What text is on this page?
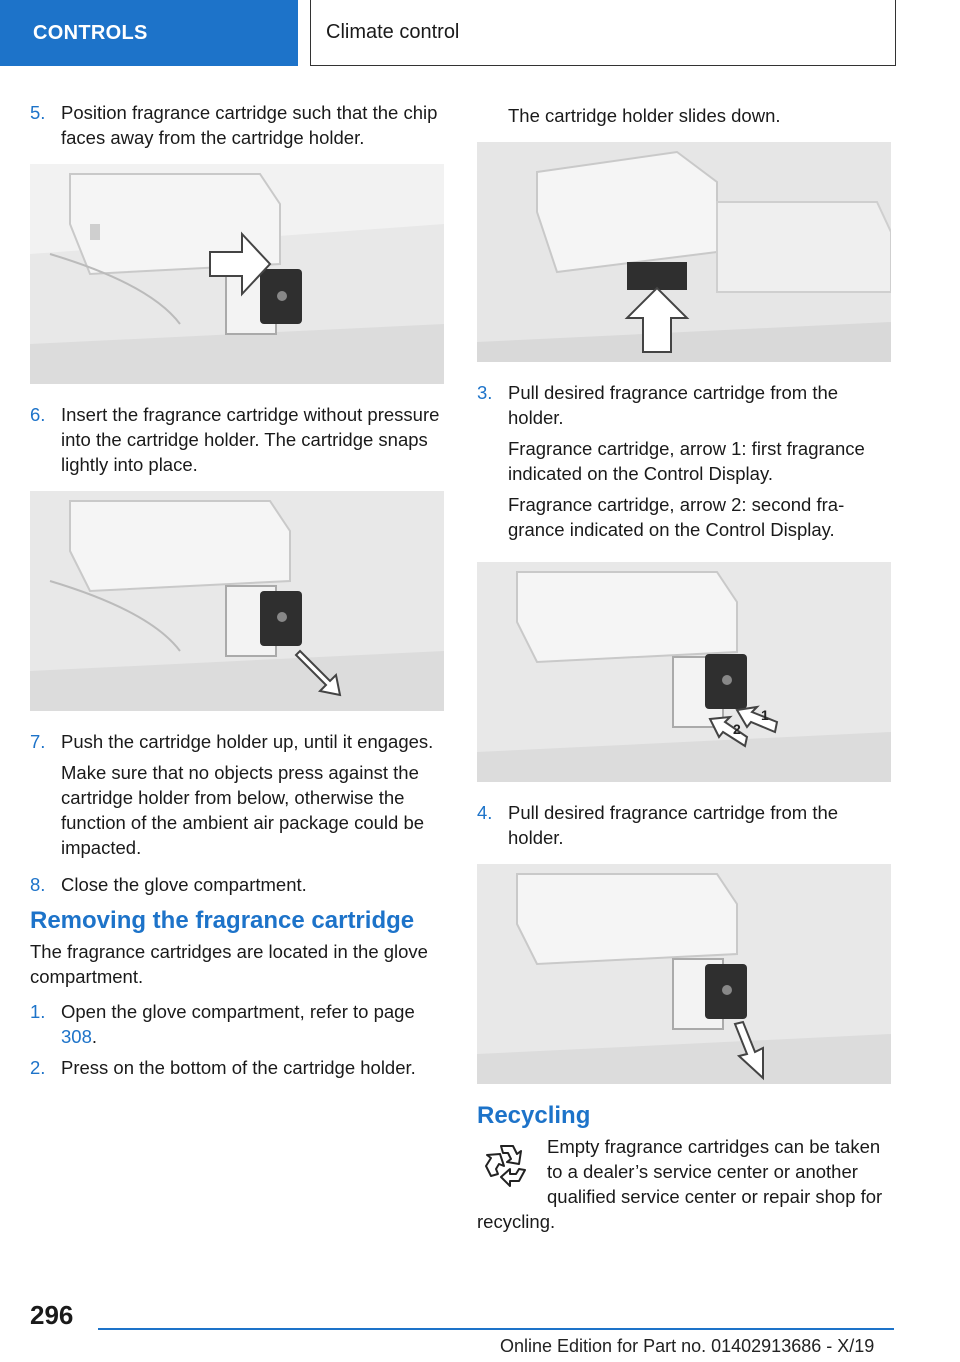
CONTROLS	Climate control
5. Position fragrance cartridge such that the chip faces away from the cartridge holder.
6. Insert the fragrance cartridge without pressure into the cartridge holder. The cartridge snaps lightly into place.
7. Push the cartridge holder up, until it engages.

Make sure that no objects press against the cartridge holder from below, otherwise the function of the ambient air package could be impacted.

8. Close the glove compartment.
Removing the fragrance cartridge

The fragrance cartridges are located in the glove compartment.

1. Open the glove compartment, refer to page 308.
2. Press on the bottom of the cartridge holder.

The cartridge holder slides down.

3. Pull desired fragrance cartridge from the holder.

Fragrance cartridge, arrow 1: first fragrance indicated on the Control Display.

Fragrance cartridge, arrow 2: second fragrance indicated on the Control Display.

1
2
4. Pull desired fragrance cartridge from the holder.
Recycling
Empty fragrance cartridges can be taken to a dealer’s service center or another qualified service center or repair shop for recycling.
296
Online Edition for Part no. 01402913686 - X/19
